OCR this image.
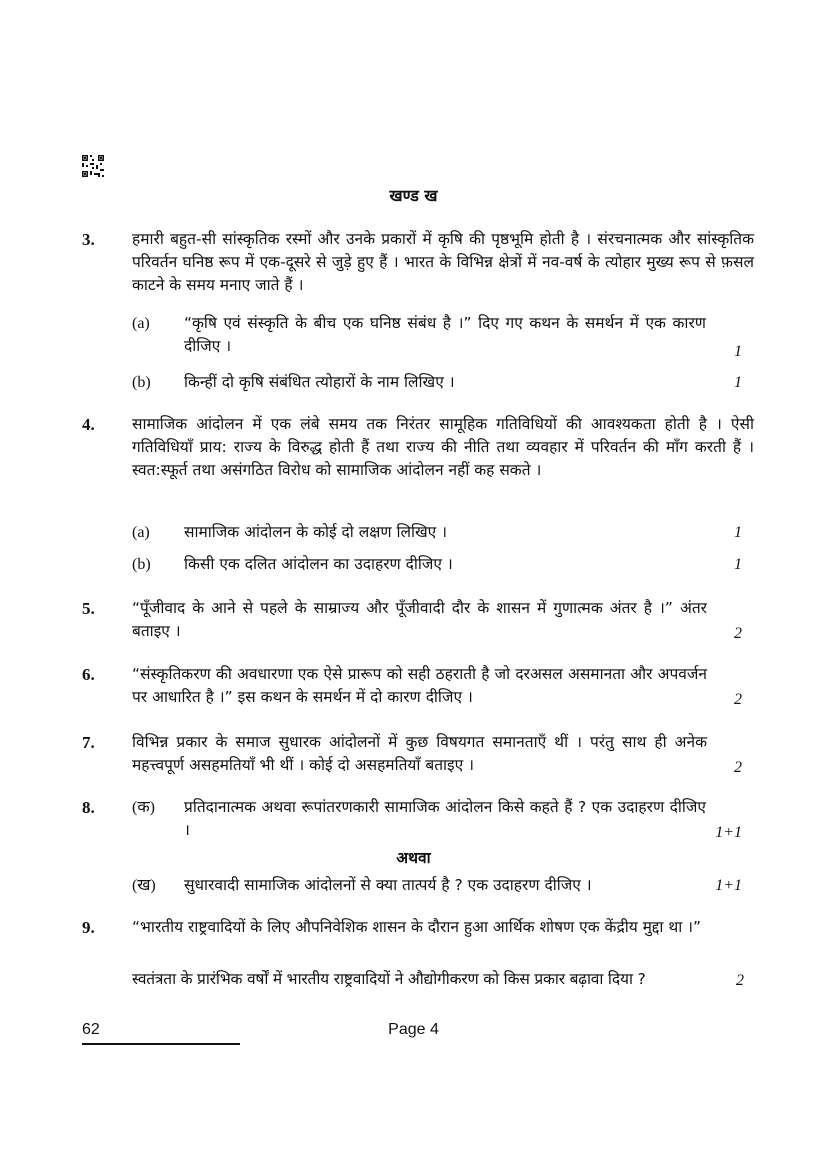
खण्ड ख
3. हमारी बहुत-सी सांस्कृतिक रस्मों और उनके प्रकारों में कृषि की पृष्ठभूमि होती है । संरचनात्मक और सांस्कृतिक परिवर्तन घनिष्ठ रूप में एक-दूसरे से जुड़े हुए हैं । भारत के विभिन्न क्षेत्रों में नव-वर्ष के त्योहार मुख्य रूप से फ़सल काटने के समय मनाए जाते हैं ।
(a) “कृषि एवं संस्कृति के बीच एक घनिष्ठ संबंध है ।” दिए गए कथन के समर्थन में एक कारण दीजिए ।	1
(b) किन्हीं दो कृषि संबंधित त्योहारों के नाम लिखिए ।	1
4. सामाजिक आंदोलन में एक लंबे समय तक निरंतर सामूहिक गतिविधियों की आवश्यकता होती है । ऐसी गतिविधियाँ प्राय: राज्य के विरुद्ध होती हैं तथा राज्य की नीति तथा व्यवहार में परिवर्तन की माँग करती हैं । स्वत:स्फूर्त तथा असंगठित विरोध को सामाजिक आंदोलन नहीं कह सकते ।
(a) सामाजिक आंदोलन के कोई दो लक्षण लिखिए ।	1
(b) किसी एक दलित आंदोलन का उदाहरण दीजिए ।	1
5. “पूँजीवाद के आने से पहले के साम्राज्य और पूँजीवादी दौर के शासन में गुणात्मक अंतर है ।” अंतर बताइए ।	2
6. “संस्कृतिकरण की अवधारणा एक ऐसे प्रारूप को सही ठहराती है जो दरअसल असमानता और अपवर्जन पर आधारित है ।” इस कथन के समर्थन में दो कारण दीजिए ।	2
7. विभिन्न प्रकार के समाज सुधारक आंदोलनों में कुछ विषयगत समानताएँ थीं । परंतु साथ ही अनेक महत्त्वपूर्ण असहमतियाँ भी थीं । कोई दो असहमतियाँ बताइए ।	2
8. (क) प्रतिदानात्मक अथवा रूपांतरणकारी सामाजिक आंदोलन किसे कहते हैं ? एक उदाहरण दीजिए ।	1+1
(ख) सुधारवादी सामाजिक आंदोलनों से क्या तात्पर्य है ? एक उदाहरण दीजिए ।	1+1
अथवा
9. “भारतीय राष्ट्रवादियों के लिए औपनिवेशिक शासन के दौरान हुआ आर्थिक शोषण एक केंद्रीय मुद्दा था ।”
स्वतंत्रता के प्रारंभिक वर्षों में भारतीय राष्ट्रवादियों ने औद्योगीकरण को किस प्रकार बढ़ावा दिया ?	2
62	Page 4
